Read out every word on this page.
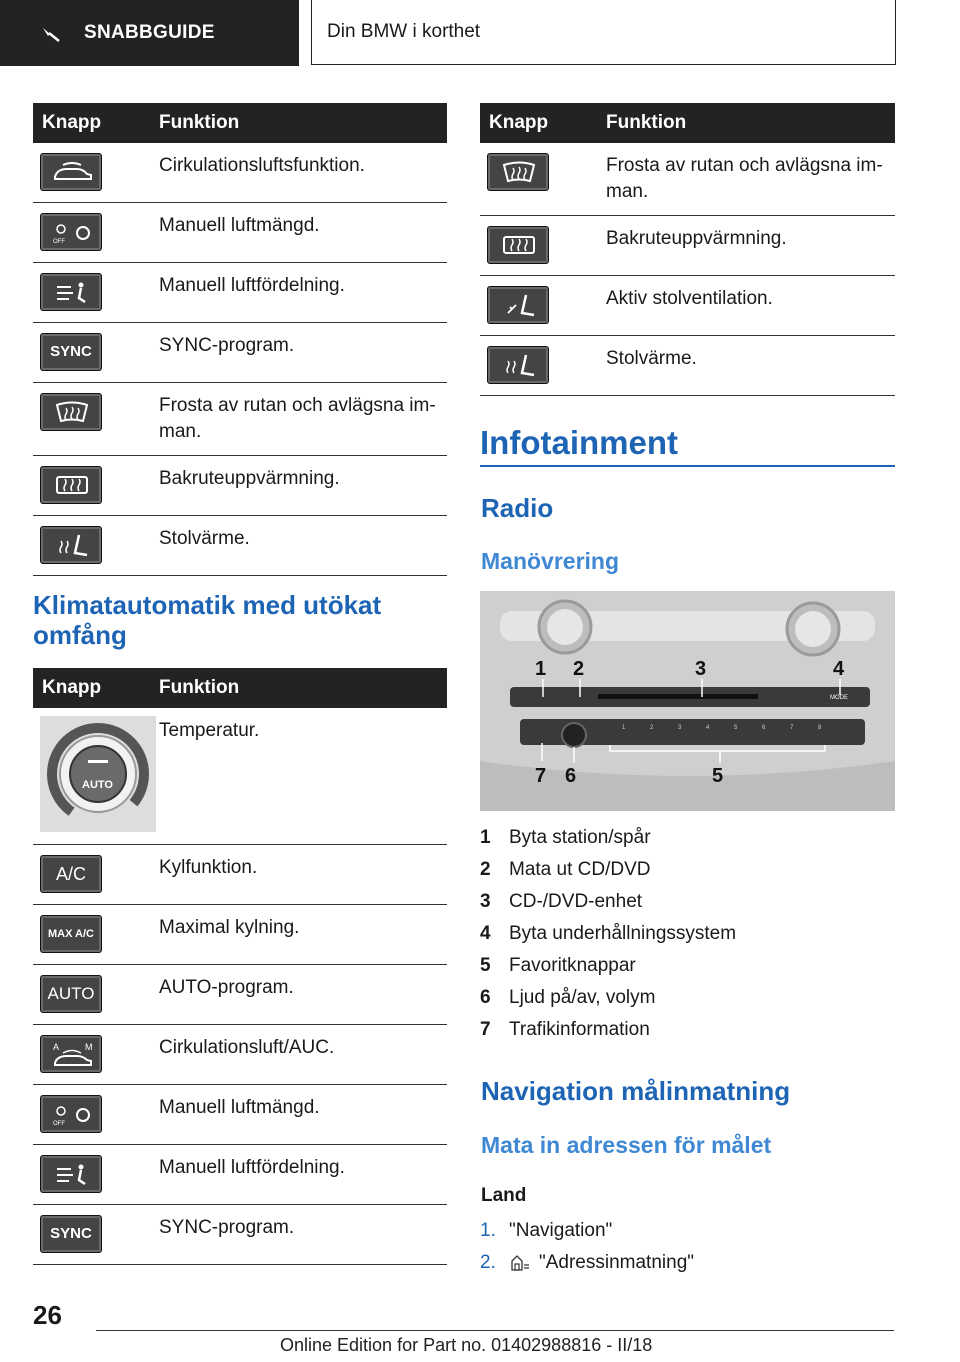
SNABBGUIDE	Din BMW i korthet
Knapp	Funktion

	Cirkulationsluftsfunktion.

OFF	Manuell luftmängd.

	Manuell luftfördelning.

SYNC	SYNC-program.

	Frosta av rutan och avlägsna im-man.

	Bakruteuppvärmning.

	Stolvärme.
Klimatautomatik med utökat omfång
Knapp	Funktion

AUTO	Temperatur.

A/C	Kylfunktion.

MAX A/C	Maximal kylning.

AUTO	AUTO-program.

A M	Cirkulationsluft/AUC.

OFF	Manuell luftmängd.

	Manuell luftfördelning.

SYNC	SYNC-program.
Knapp	Funktion

	Frosta av rutan och avlägsna im-man.

	Bakruteuppvärmning.

	Aktiv stolventilation.

	Stolvärme.
Infotainment
Radio
Manövrering
MODE
1	2	3	4	5	6	7	8
1 2	3	4
7 6	5
1 Byta station/spår
2 Mata ut CD/DVD
3 CD-/DVD-enhet
4 Byta underhållningssystem
5 Favoritknappar
6 Ljud på/av, volym
7 Trafikinformation
Navigation målinmatning
Mata in adressen för målet
Land
1. "Navigation"
2.	"Adressinmatning"
26
Online Edition for Part no. 01402988816 - II/18
